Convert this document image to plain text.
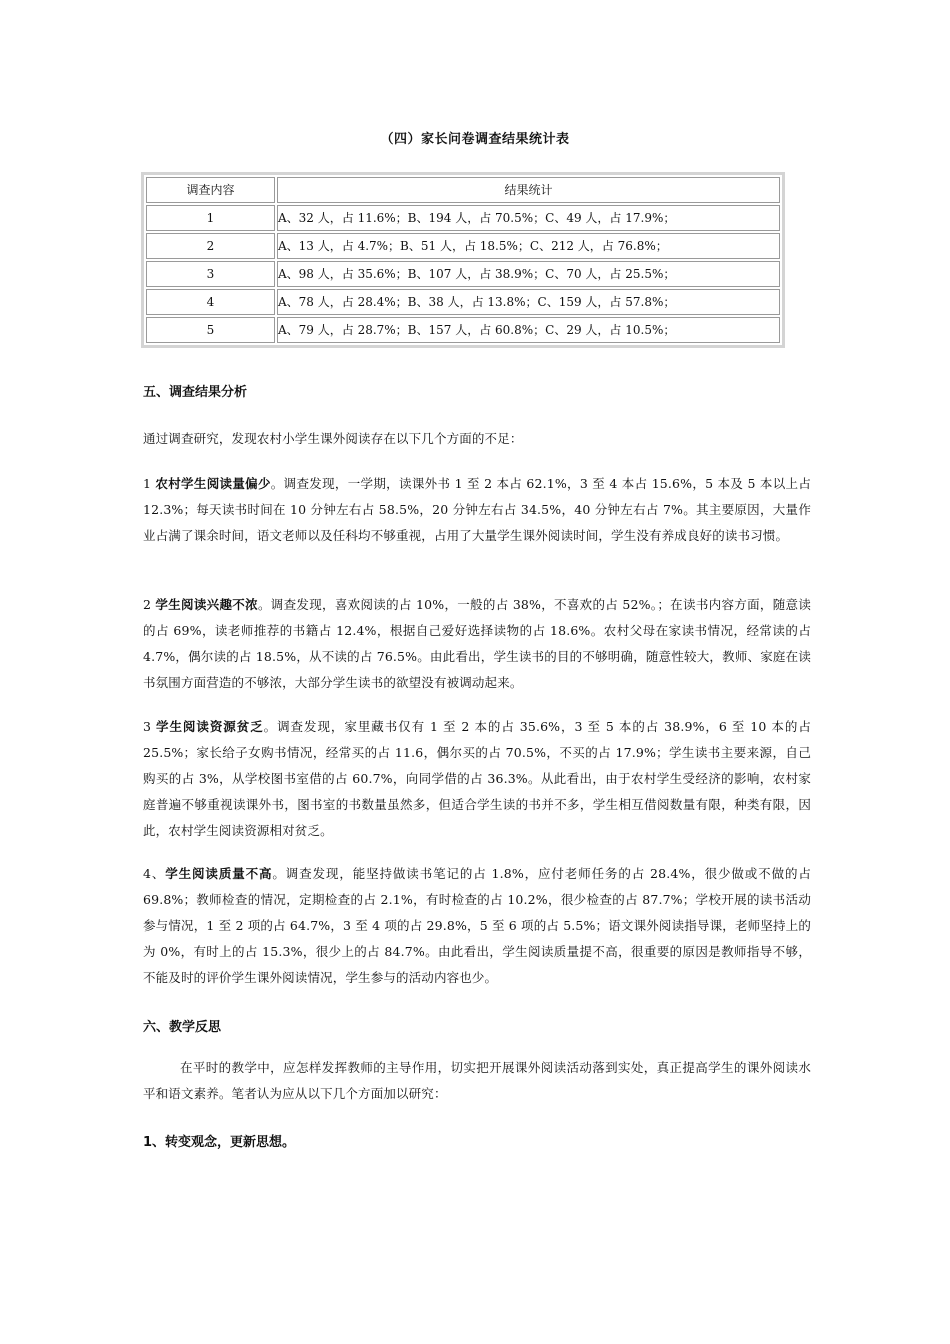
（四）家长问卷调查结果统计表
调查内容	结果统计
1	A、32 人，占 11.6%；B、194 人，占 70.5%；C、49 人，占 17.9%；
2	A、13 人，占 4.7%；B、51 人，占 18.5%；C、212 人，占 76.8%；
3	A、98 人，占 35.6%；B、107 人，占 38.9%；C、70 人，占 25.5%；
4	A、78 人，占 28.4%；B、38 人，占 13.8%；C、159 人，占 57.8%；
5	A、79 人，占 28.7%；B、157 人，占 60.8%；C、29 人，占 10.5%；
五、调查结果分析
通过调查研究，发现农村小学生课外阅读存在以下几个方面的不足：
1 农村学生阅读量偏少。调查发现，一学期，读课外书 1 至 2 本占 62.1%，3 至 4 本占 15.6%，5 本及 5 本以上占 12.3%；每天读书时间在 10 分钟左右占 58.5%，20 分钟左右占 34.5%，40 分钟左右占 7%。其主要原因，大量作业占满了课余时间，语文老师以及任科均不够重视，占用了大量学生课外阅读时间，学生没有养成良好的读书习惯。
2 学生阅读兴趣不浓。调查发现，喜欢阅读的占 10%，一般的占 38%，不喜欢的占 52%。；在读书内容方面，随意读的占 69%，读老师推荐的书籍占 12.4%，根据自己爱好选择读物的占 18.6%。农村父母在家读书情况，经常读的占 4.7%，偶尔读的占 18.5%，从不读的占 76.5%。由此看出，学生读书的目的不够明确，随意性较大，教师、家庭在读书氛围方面营造的不够浓，大部分学生读书的欲望没有被调动起来。
3 学生阅读资源贫乏。调查发现，家里藏书仅有 1 至 2 本的占 35.6%，3 至 5 本的占 38.9%，6 至 10 本的占 25.5%；家长给子女购书情况，经常买的占 11.6，偶尔买的占 70.5%，不买的占 17.9%；学生读书主要来源，自己购买的占 3%，从学校图书室借的占 60.7%，向同学借的占 36.3%。从此看出，由于农村学生受经济的影响，农村家庭普遍不够重视读课外书，图书室的书数量虽然多，但适合学生读的书并不多，学生相互借阅数量有限，种类有限，因此，农村学生阅读资源相对贫乏。
4、学生阅读质量不高。调查发现，能坚持做读书笔记的占 1.8%，应付老师任务的占 28.4%，很少做或不做的占 69.8%；教师检查的情况，定期检查的占 2.1%，有时检查的占 10.2%，很少检查的占 87.7%；学校开展的读书活动参与情况，1 至 2 项的占 64.7%，3 至 4 项的占 29.8%，5 至 6 项的占 5.5%；语文课外阅读指导课，老师坚持上的为 0%，有时上的占 15.3%，很少上的占 84.7%。由此看出，学生阅读质量提不高，很重要的原因是教师指导不够，不能及时的评价学生课外阅读情况，学生参与的活动内容也少。
六、教学反思
在平时的教学中，应怎样发挥教师的主导作用，切实把开展课外阅读活动落到实处，真正提高学生的课外阅读水平和语文素养。笔者认为应从以下几个方面加以研究：
1、转变观念，更新思想。
